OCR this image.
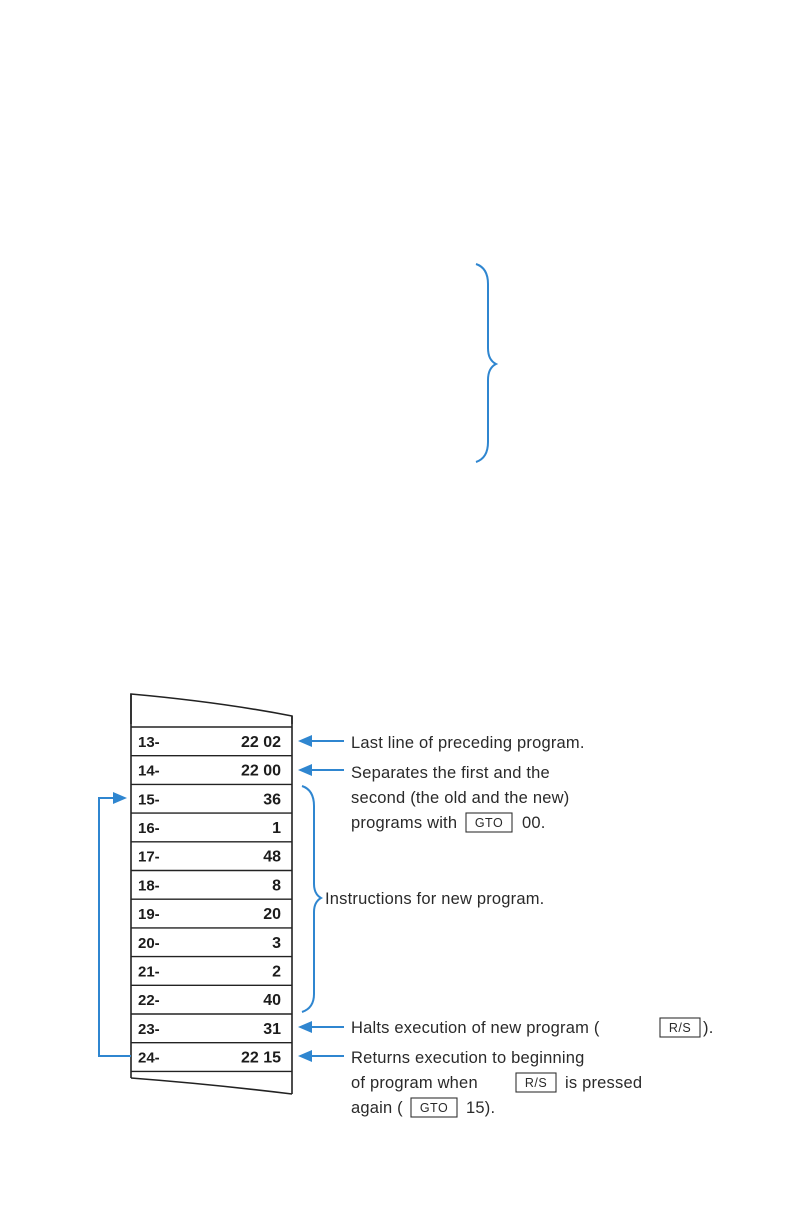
13-	22 02
14-	22 00
15-	36
16-	1
17-	48
18-	8
19-	20
20-	3
21-	2
22-	40
23-	31
24-	22 15
Last line of preceding program.
Separates the first and the
second (the old and the new)
programs with GTO 00.
Instructions for new program.
Halts execution of new program (	R/S ).
Returns execution to beginning
of program when	R/S is pressed
again ( GTO 15).
